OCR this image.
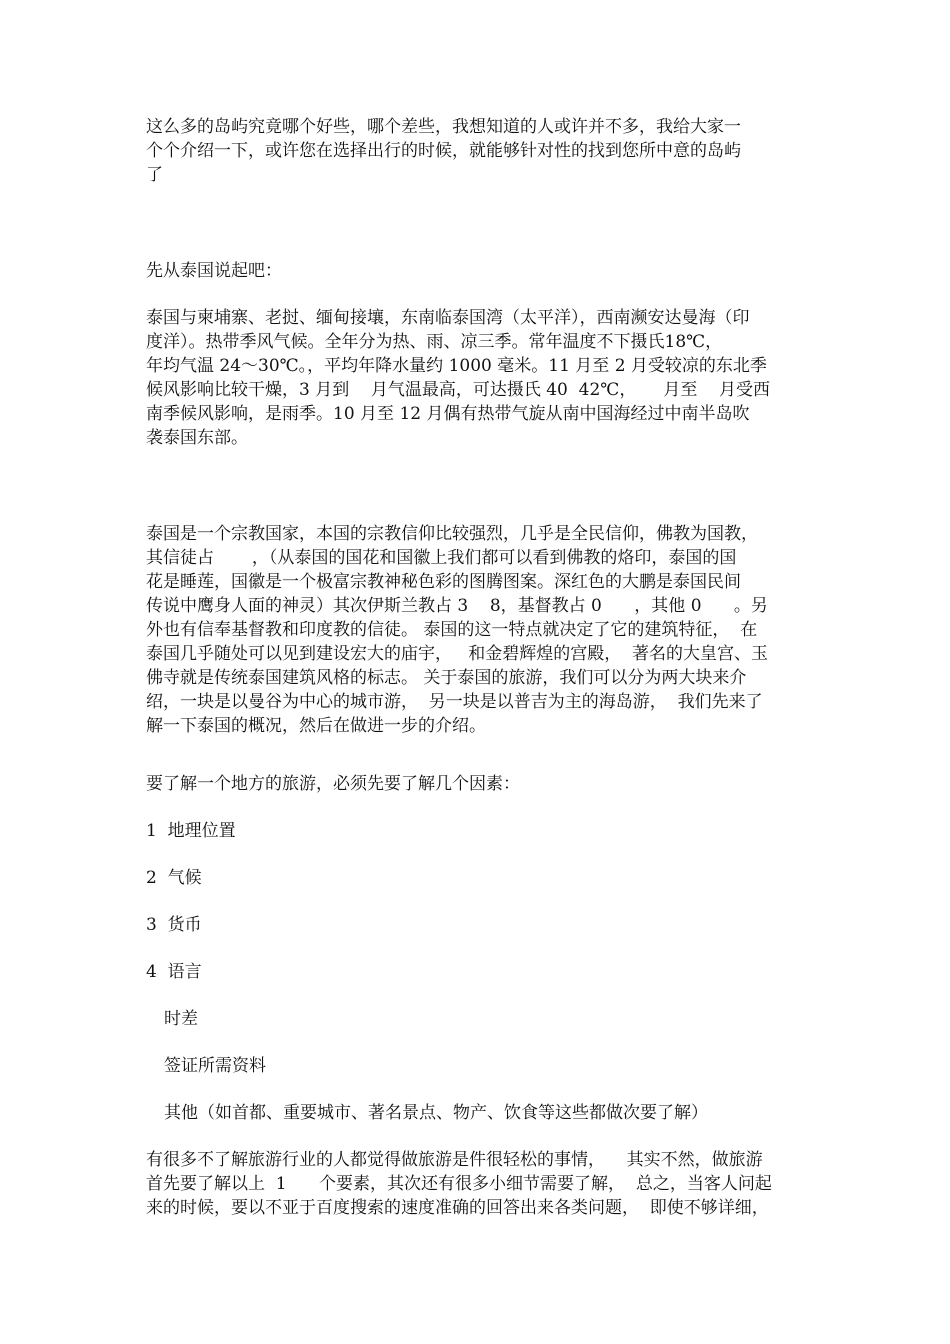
这么多的岛屿究竟哪个好些，哪个差些，我想知道的人或许并不多，我给大家一
个个介绍一下，或许您在选择出行的时候，就能够针对性的找到您所中意的岛屿
了
先从泰国说起吧：
泰国与柬埔寨、老挝、缅甸接壤，东南临泰国湾（太平洋），西南濒安达曼海（印
度洋）。热带季风气候。全年分为热、雨、凉三季。常年温度不下摄氏18℃，
年均气温 24～30℃。，平均年降水量约 1000 毫米。11 月至 2 月受较凉的东北季
候风影响比较干燥，3 月到    月气温最高，可达摄氏 40  42℃，     月至    月受西
南季候风影响，是雨季。10 月至 12 月偶有热带气旋从南中国海经过中南半岛吹
袭泰国东部。
泰国是一个宗教国家，本国的宗教信仰比较强烈，几乎是全民信仰，佛教为国教，
其信徒占       ，（从泰国的国花和国徽上我们都可以看到佛教的烙印，泰国的国
花是睡莲，国徽是一个极富宗教神秘色彩的图腾图案。深红色的大鹏是泰国民间
传说中鹰身人面的神灵）其次伊斯兰教占 3    8，基督教占 0      ，其他 0      。另
外也有信奉基督教和印度教的信徒。 泰国的这一特点就决定了它的建筑特征，  在
泰国几乎随处可以见到建设宏大的庙宇，   和金碧辉煌的宫殿，  著名的大皇宫、玉
佛寺就是传统泰国建筑风格的标志。 关于泰国的旅游，我们可以分为两大块来介
绍，一块是以曼谷为中心的城市游，  另一块是以普吉为主的海岛游，  我们先来了
解一下泰国的概况，然后在做进一步的介绍。
要了解一个地方的旅游，必须先要了解几个因素：
1  地理位置
2  气候
3  货币
4  语言
时差
签证所需资料
其他（如首都、重要城市、著名景点、物产、饮食等这些都做次要了解）
有很多不了解旅游行业的人都觉得做旅游是件很轻松的事情，    其实不然，做旅游
首先要了解以上  1      个要素，其次还有很多小细节需要了解，  总之，当客人问起
来的时候，要以不亚于百度搜索的速度准确的回答出来各类问题，  即使不够详细，
